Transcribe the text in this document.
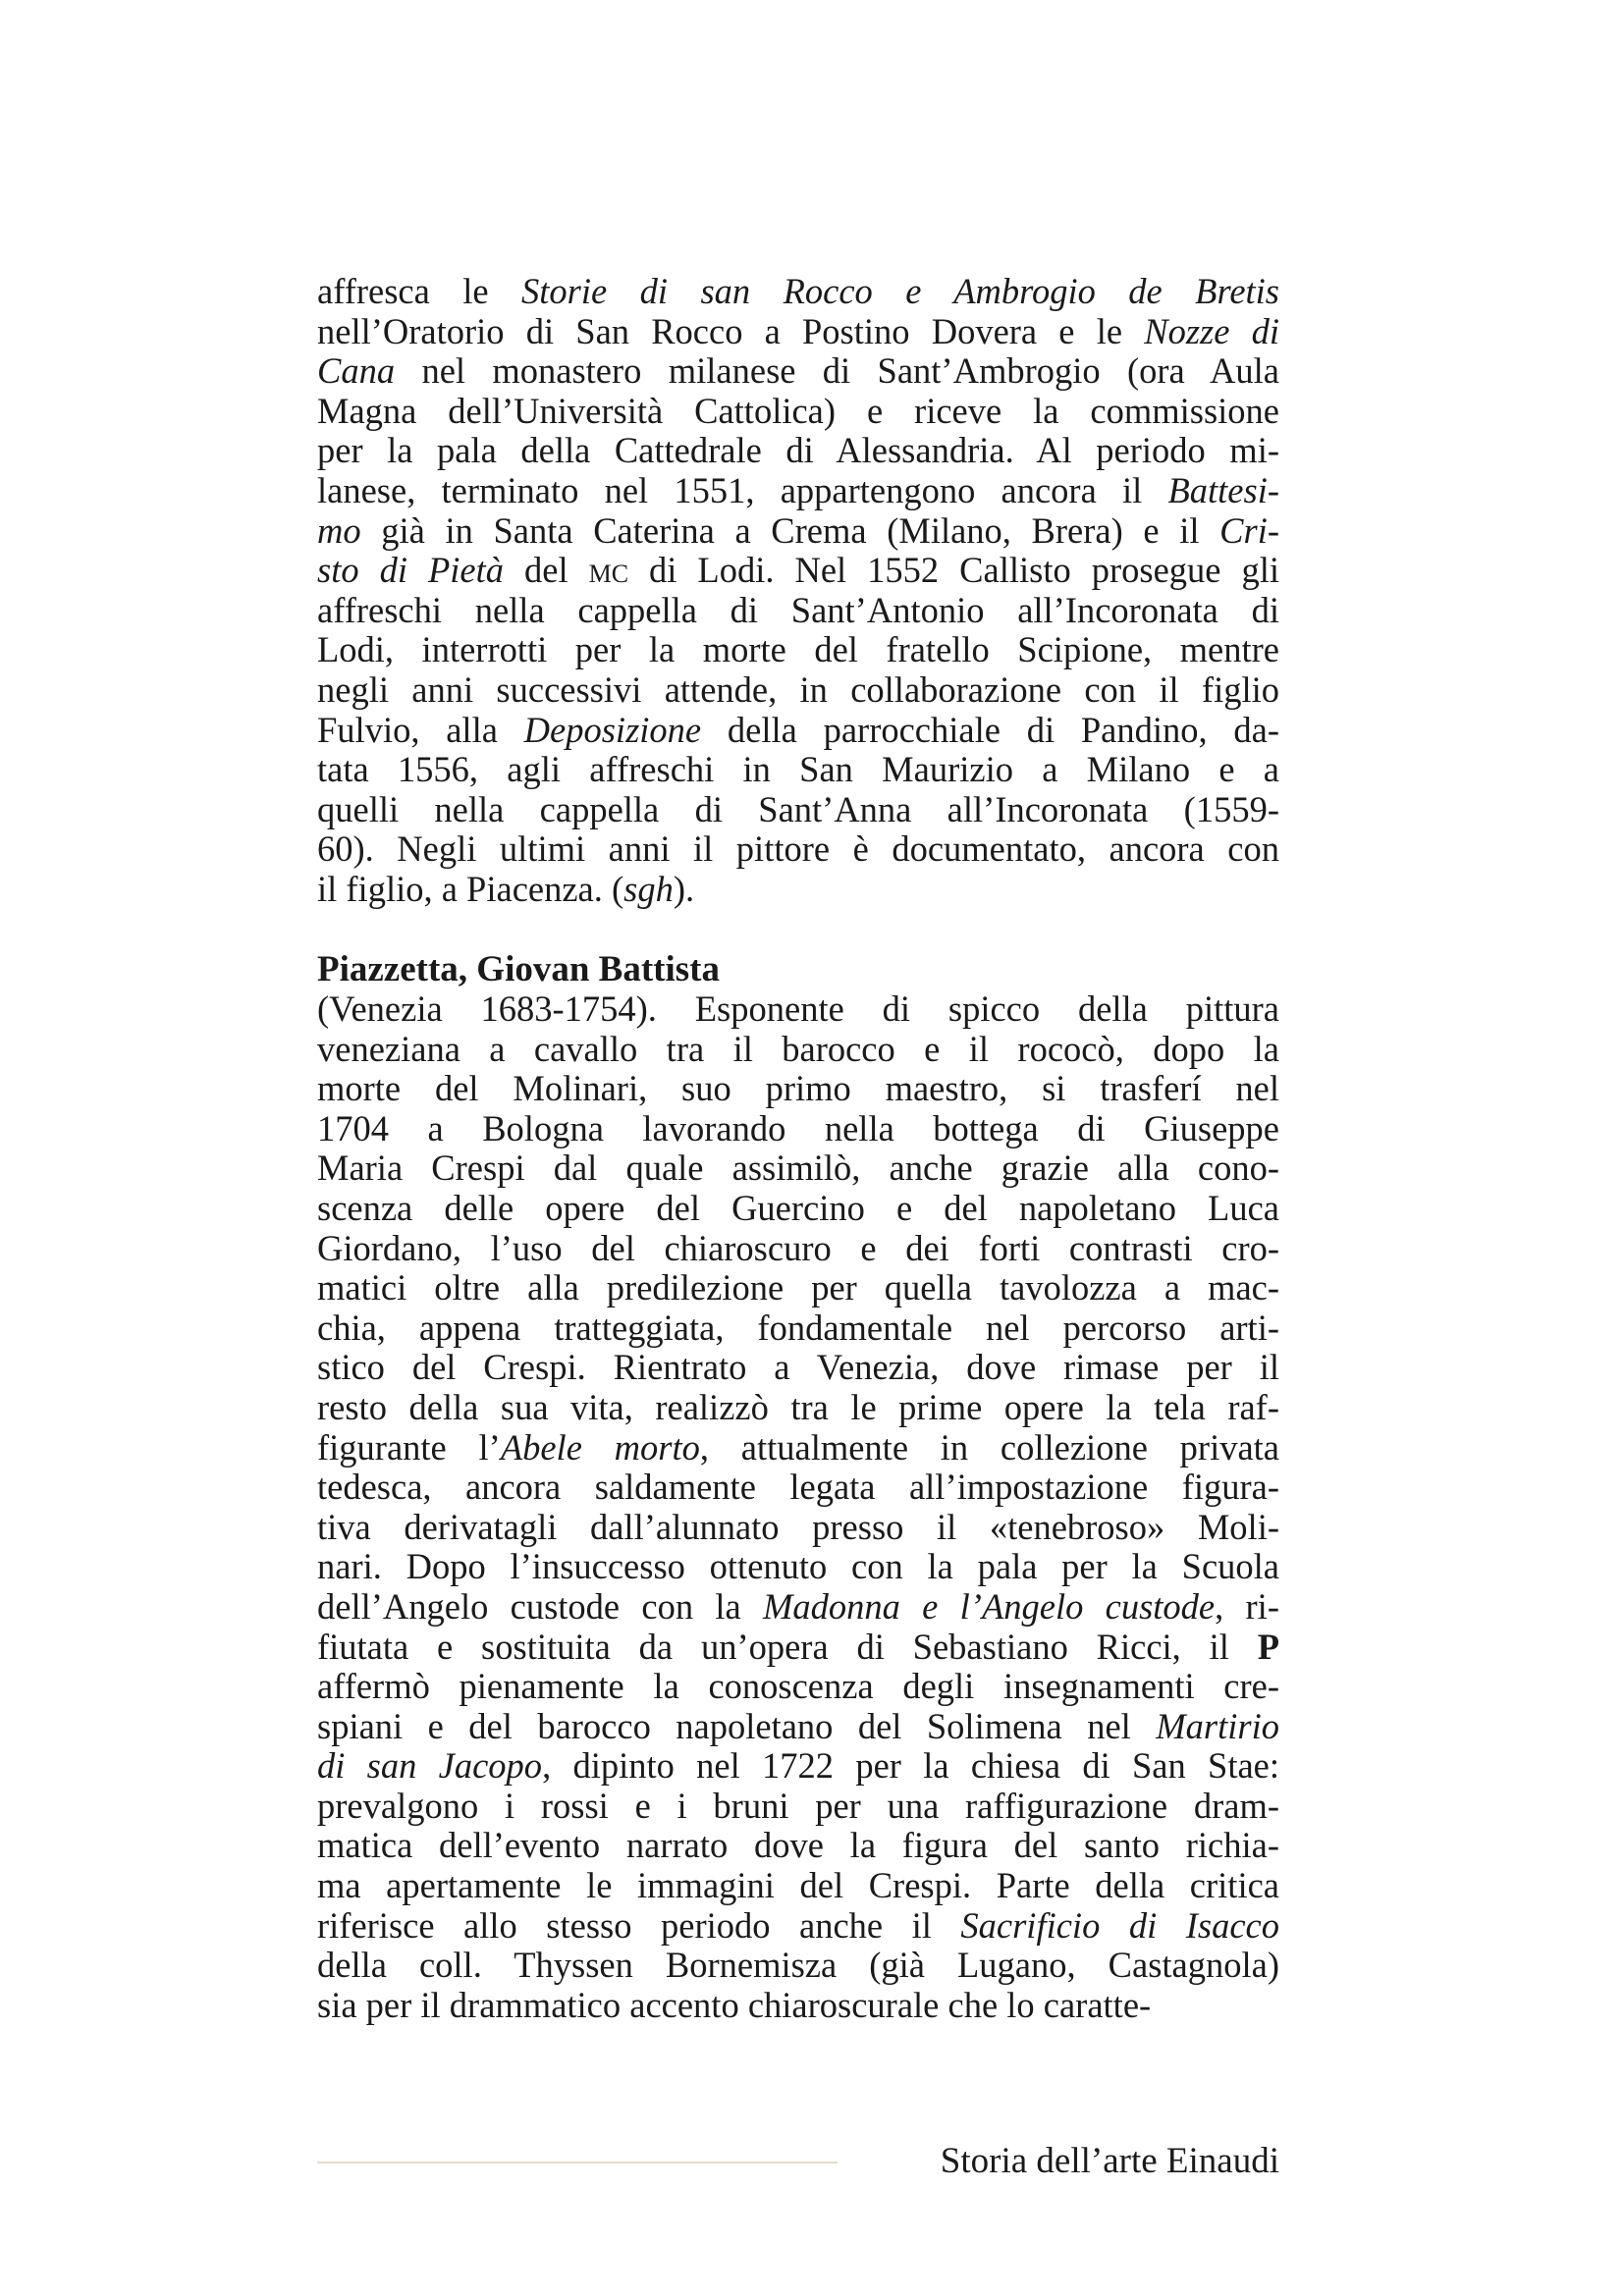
affresca le Storie di san Rocco e Ambrogio de Bretis
nell’Oratorio di San Rocco a Postino Dovera e le Nozze di
Cana nel monastero milanese di Sant’Ambrogio (ora Aula
Magna dell’Università Cattolica) e riceve la commissione
per la pala della Cattedrale di Alessandria. Al periodo mi-
lanese, terminato nel 1551, appartengono ancora il Battesi-
mo già in Santa Caterina a Crema (Milano, Brera) e il Cri-
sto di Pietà del mc di Lodi. Nel 1552 Callisto prosegue gli
affreschi nella cappella di Sant’Antonio all’Incoronata di
Lodi, interrotti per la morte del fratello Scipione, mentre
negli anni successivi attende, in collaborazione con il figlio
Fulvio, alla Deposizione della parrocchiale di Pandino, da-
tata 1556, agli affreschi in San Maurizio a Milano e a
quelli nella cappella di Sant’Anna all’Incoronata (1559-
60). Negli ultimi anni il pittore è documentato, ancora con
il figlio, a Piacenza. (sgh).
Piazzetta, Giovan Battista
(Venezia 1683-1754). Esponente di spicco della pittura
veneziana a cavallo tra il barocco e il rococò, dopo la
morte del Molinari, suo primo maestro, si trasferí nel
1704 a Bologna lavorando nella bottega di Giuseppe
Maria Crespi dal quale assimilò, anche grazie alla cono-
scenza delle opere del Guercino e del napoletano Luca
Giordano, l’uso del chiaroscuro e dei forti contrasti cro-
matici oltre alla predilezione per quella tavolozza a mac-
chia, appena tratteggiata, fondamentale nel percorso arti-
stico del Crespi. Rientrato a Venezia, dove rimase per il
resto della sua vita, realizzò tra le prime opere la tela raf-
figurante l’Abele morto, attualmente in collezione privata
tedesca, ancora saldamente legata all’impostazione figura-
tiva derivatagli dall’alunnato presso il «tenebroso» Moli-
nari. Dopo l’insuccesso ottenuto con la pala per la Scuola
dell’Angelo custode con la Madonna e l’Angelo custode, ri-
fiutata e sostituita da un’opera di Sebastiano Ricci, il P
affermò pienamente la conoscenza degli insegnamenti cre-
spiani e del barocco napoletano del Solimena nel Martirio
di san Jacopo, dipinto nel 1722 per la chiesa di San Stae:
prevalgono i rossi e i bruni per una raffigurazione dram-
matica dell’evento narrato dove la figura del santo richia-
ma apertamente le immagini del Crespi. Parte della critica
riferisce allo stesso periodo anche il Sacrificio di Isacco
della coll. Thyssen Bornemisza (già Lugano, Castagnola)
sia per il drammatico accento chiaroscurale che lo caratte-
Storia dell’arte Einaudi
